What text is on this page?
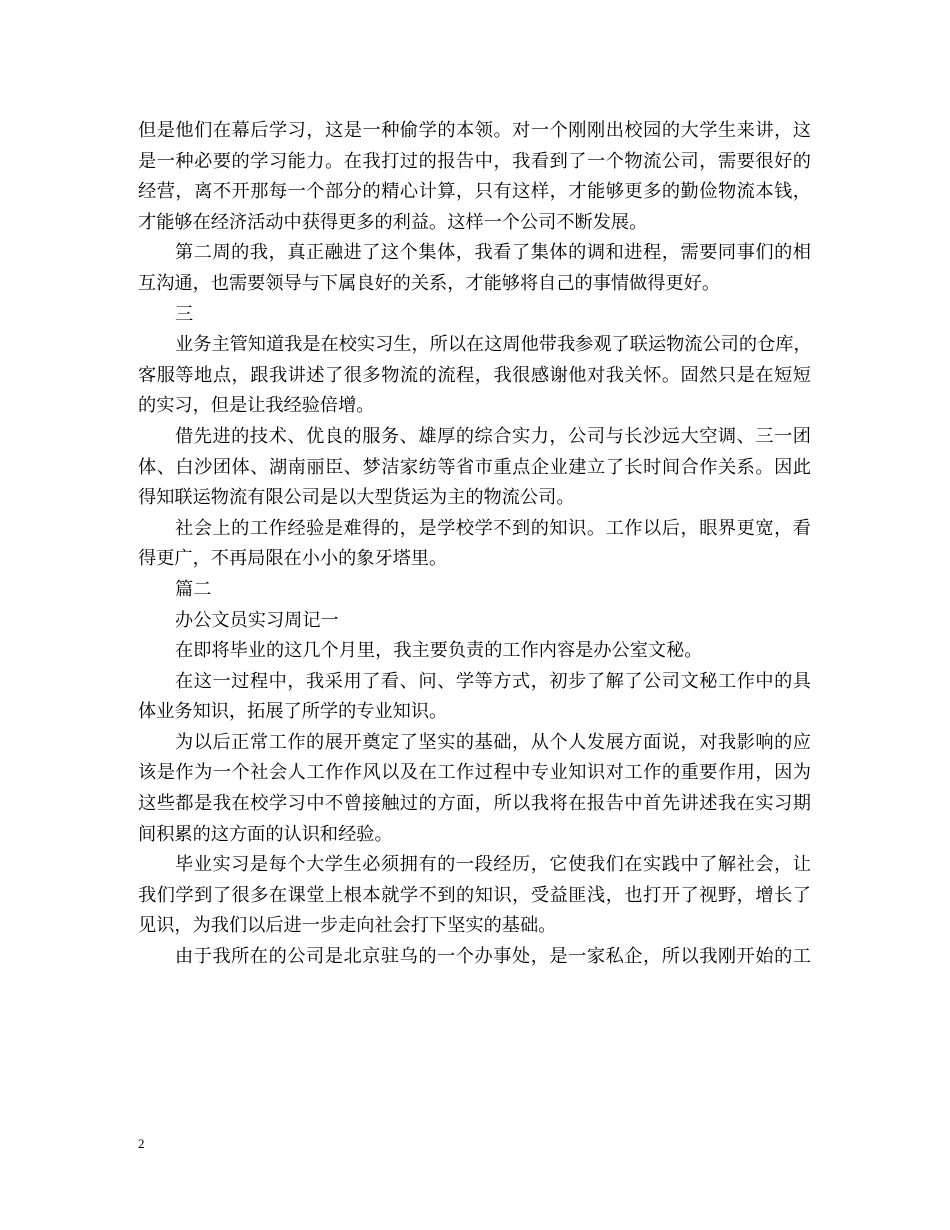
但是他们在幕后学习，这是一种偷学的本领。对一个刚刚出校园的大学生来讲，这
是一种必要的学习能力。在我打过的报告中，我看到了一个物流公司，需要很好的
经营，离不开那每一个部分的精心计算，只有这样，才能够更多的勤俭物流本钱，
才能够在经济活动中获得更多的利益。这样一个公司不断发展。
第二周的我，真正融进了这个集体，我看了集体的调和进程，需要同事们的相
互沟通，也需要领导与下属良好的关系，才能够将自己的事情做得更好。
三
业务主管知道我是在校实习生，所以在这周他带我参观了联运物流公司的仓库，
客服等地点，跟我讲述了很多物流的流程，我很感谢他对我关怀。固然只是在短短
的实习，但是让我经验倍增。
借先进的技术、优良的服务、雄厚的综合实力，公司与长沙远大空调、三一团
体、白沙团体、湖南丽臣、梦洁家纺等省市重点企业建立了长时间合作关系。因此
得知联运物流有限公司是以大型货运为主的物流公司。
社会上的工作经验是难得的，是学校学不到的知识。工作以后，眼界更宽，看
得更广，不再局限在小小的象牙塔里。
篇二
办公文员实习周记一
在即将毕业的这几个月里，我主要负责的工作内容是办公室文秘。
在这一过程中，我采用了看、问、学等方式，初步了解了公司文秘工作中的具
体业务知识，拓展了所学的专业知识。
为以后正常工作的展开奠定了坚实的基础，从个人发展方面说，对我影响的应
该是作为一个社会人工作作风以及在工作过程中专业知识对工作的重要作用，因为
这些都是我在校学习中不曾接触过的方面，所以我将在报告中首先讲述我在实习期
间积累的这方面的认识和经验。
毕业实习是每个大学生必须拥有的一段经历，它使我们在实践中了解社会，让
我们学到了很多在课堂上根本就学不到的知识，受益匪浅，也打开了视野，增长了
见识，为我们以后进一步走向社会打下坚实的基础。
由于我所在的公司是北京驻乌的一个办事处，是一家私企，所以我刚开始的工
2
